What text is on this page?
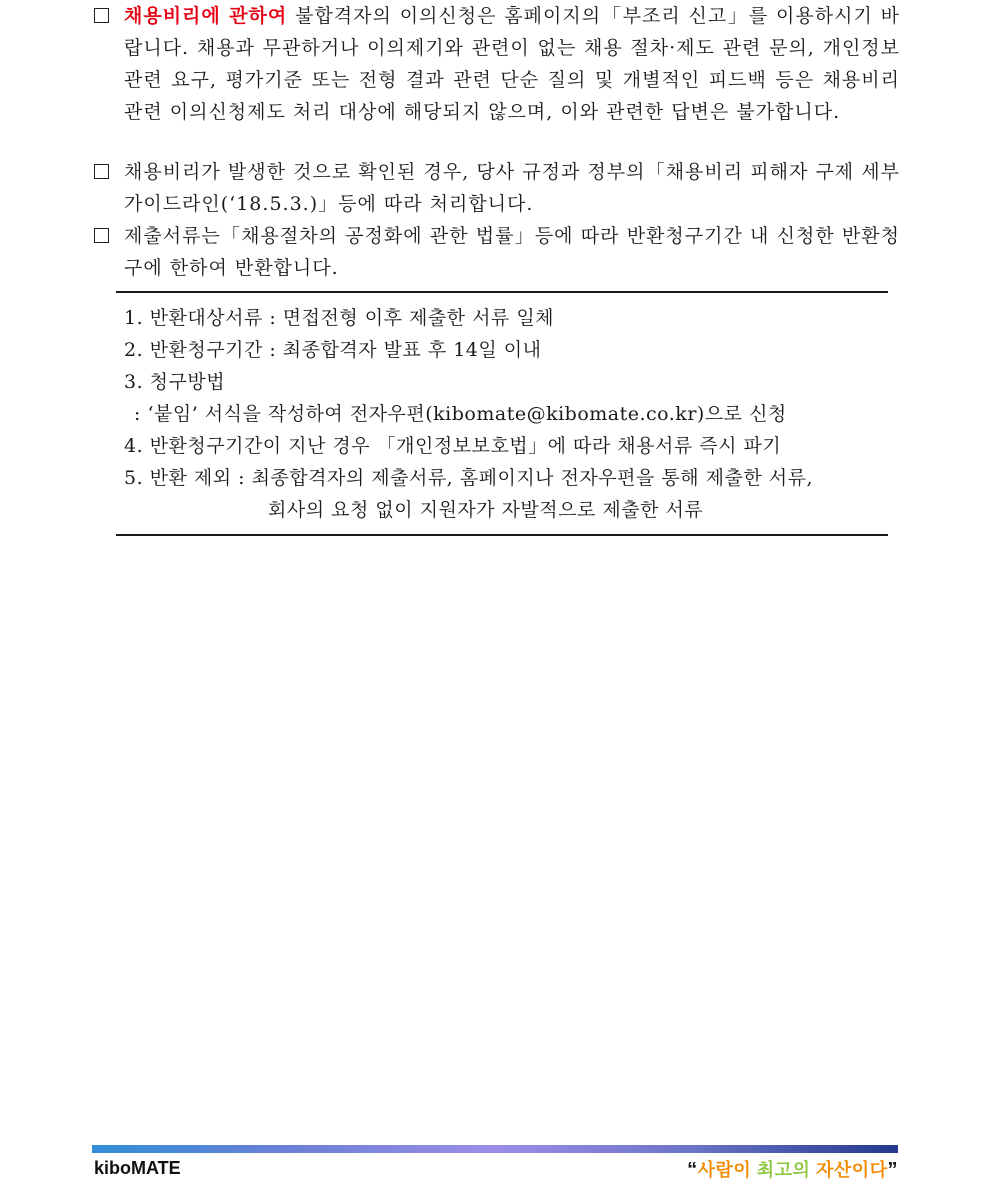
채용비리에 관하여 불합격자의 이의신청은 홈페이지의「부조리 신고」를 이용하시기 바랍니다. 채용과 무관하거나 이의제기와 관련이 없는 채용 절차·제도 관련 문의, 개인정보 관련 요구, 평가기준 또는 전형 결과 관련 단순 질의 및 개별적인 피드백 등은 채용비리 관련 이의신청제도 처리 대상에 해당되지 않으며, 이와 관련한 답변은 불가합니다.
채용비리가 발생한 것으로 확인된 경우, 당사 규정과 정부의「채용비리 피해자 구제 세부 가이드라인(‘18.5.3.)」등에 따라 처리합니다.
제출서류는「채용절차의 공정화에 관한 법률」등에 따라 반환청구기간 내 신청한 반환청구에 한하여 반환합니다.
1. 반환대상서류 : 면접전형 이후 제출한 서류 일체
2. 반환청구기간 : 최종합격자 발표 후 14일 이내
3. 청구방법
: ‘붙임’ 서식을 작성하여 전자우편(kibomate@kibomate.co.kr)으로 신청
4. 반환청구기간이 지난 경우 「개인정보보호법」에 따라 채용서류 즉시 파기
5. 반환 제외 : 최종합격자의 제출서류, 홈페이지나 전자우편을 통해 제출한 서류,
회사의 요청 없이 지원자가 자발적으로 제출한 서류
kiboMATE	“사람이 최고의 자산이다”
